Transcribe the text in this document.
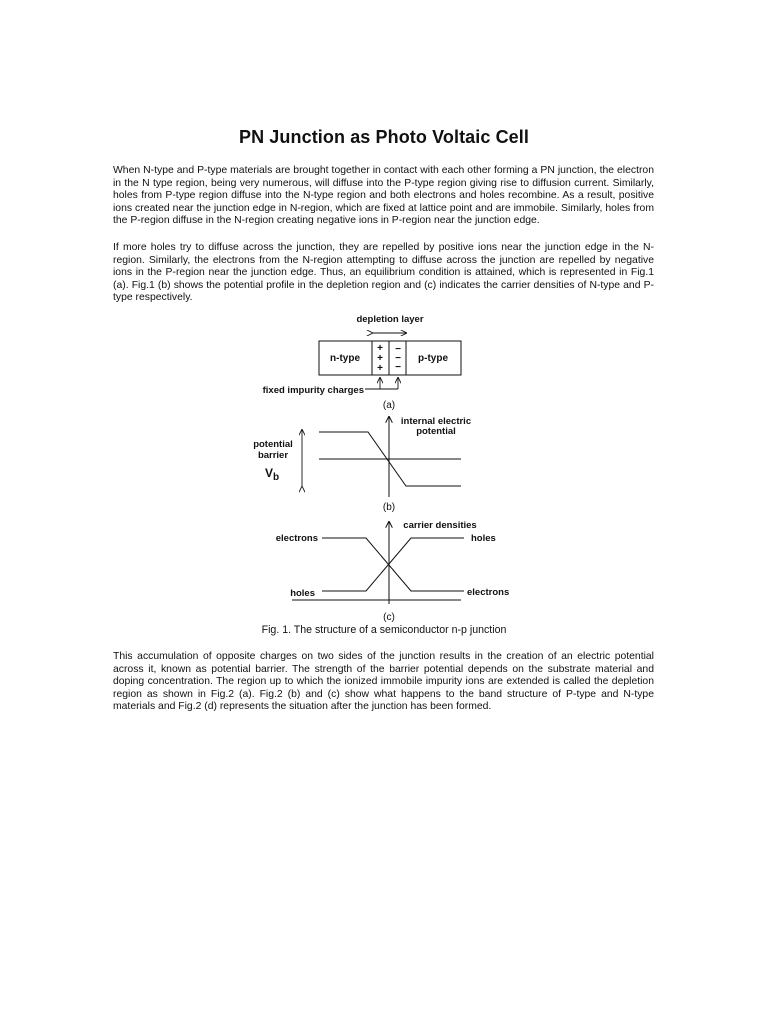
PN Junction as Photo Voltaic Cell

When N-type and P-type materials are brought together in contact with each other forming a PN junction, the electron in the N type region, being very numerous, will diffuse into the P-type region giving rise to diffusion current. Similarly, holes from P-type region diffuse into the N-type region and both electrons and holes recombine. As a result, positive ions created near the junction edge in N-region, which are fixed at lattice point and are immobile. Similarly, holes from the P-region diffuse in the N-region creating negative ions in P-region near the junction edge.

If more holes try to diffuse across the junction, they are repelled by positive ions near the junction edge in the N-region. Similarly, the electrons from the N-region attempting to diffuse across the junction are repelled by negative ions in the P-region near the junction edge. Thus, an equilibrium condition is attained, which is represented in Fig.1 (a). Fig.1 (b) shows the potential profile in the depletion region and (c) indicates the carrier densities of N-type and P-type respectively.

depletion layer
n-type	p-type
+
+
+
−
−
−
fixed impurity charges
(a)
internal electric
potential
potential
barrier
$V_b$
(b)
carrier densities
electrons	holes
holes	electrons
(c)
Fig. 1. The structure of a semiconductor n-p junction

This accumulation of opposite charges on two sides of the junction results in the creation of an electric potential across it, known as potential barrier. The strength of the barrier potential depends on the substrate material and doping concentration. The region up to which the ionized immobile impurity ions are extended is called the depletion region as shown in Fig.2 (a). Fig.2 (b) and (c) show what happens to the band structure of P-type and N-type materials and Fig.2 (d) represents the situation after the junction has been formed.
